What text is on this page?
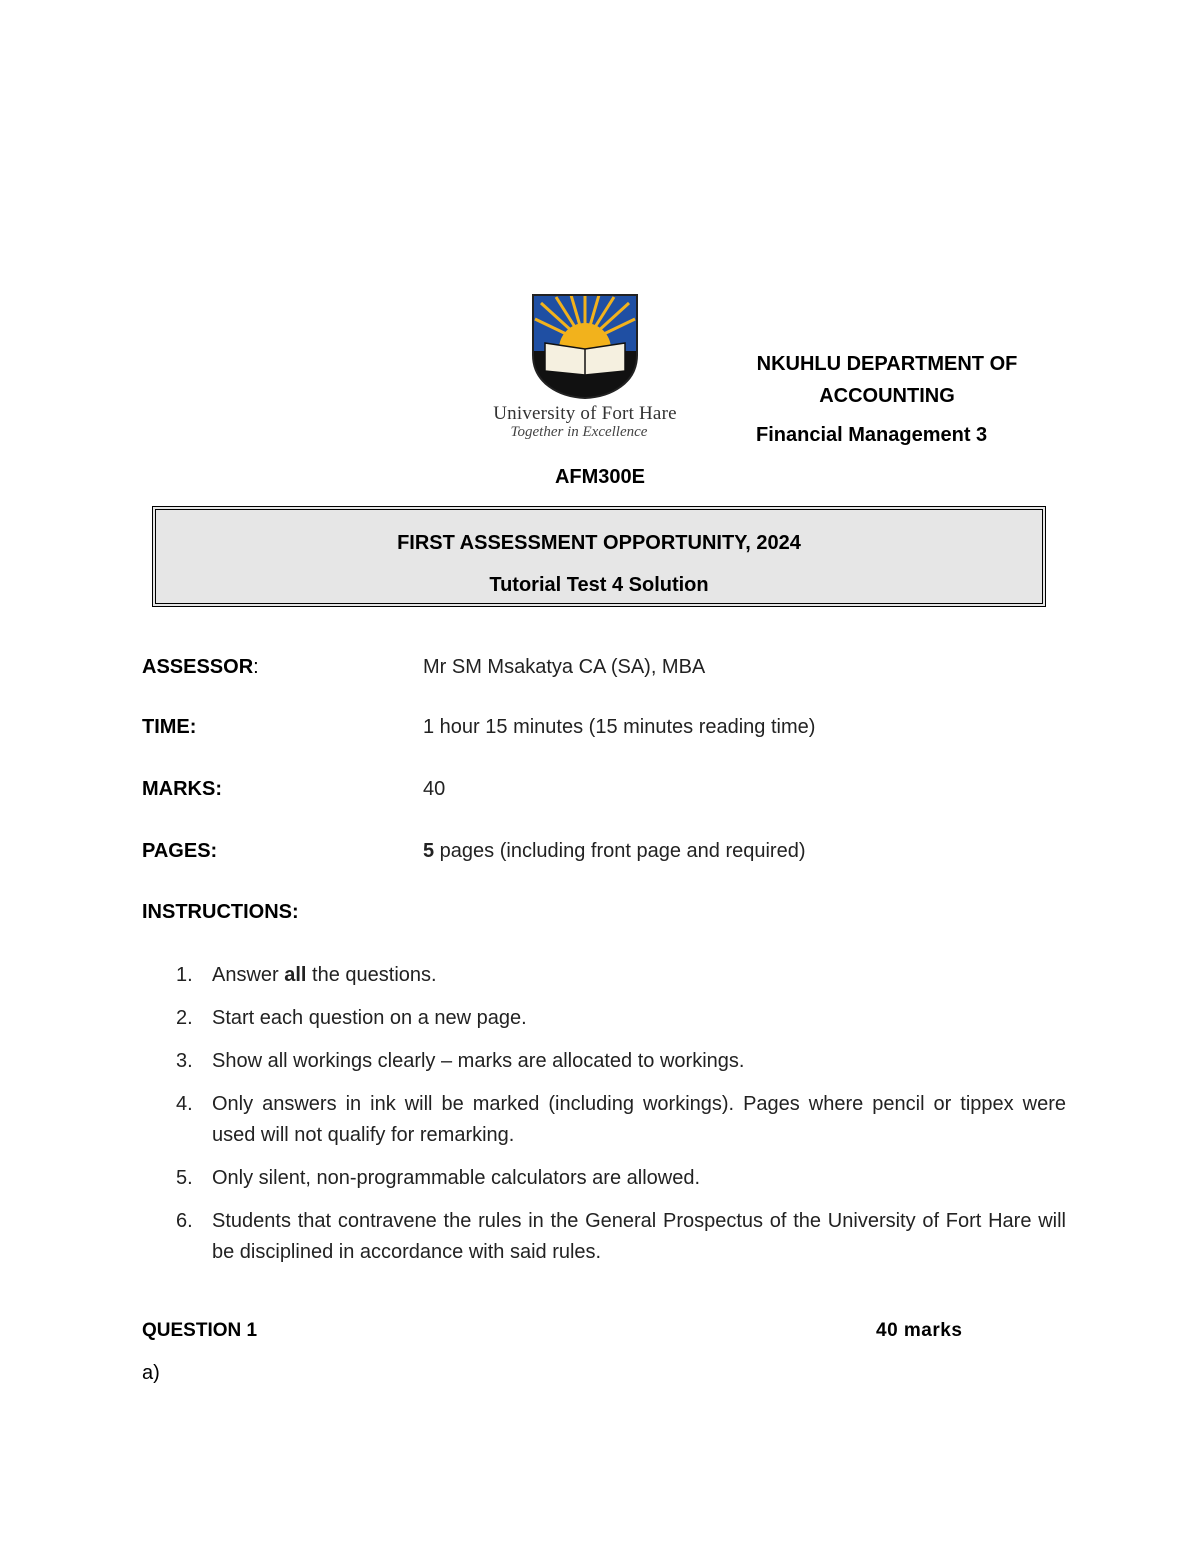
University of Fort Hare
Together in Excellence
NKUHLU DEPARTMENT OF
ACCOUNTING
Financial Management 3
AFM300E
FIRST ASSESSMENT OPPORTUNITY, 2024
Tutorial Test 4 Solution
ASSESSOR:	Mr SM Msakatya CA (SA), MBA
TIME:	1 hour 15 minutes (15 minutes reading time)
MARKS:	40
PAGES:	5 pages (including front page and required)
INSTRUCTIONS:
1. Answer all the questions.
2. Start each question on a new page.
3. Show all workings clearly – marks are allocated to workings.
4. Only answers in ink will be marked (including workings). Pages where pencil or tippex were used will not qualify for remarking.
5. Only silent, non-programmable calculators are allowed.
6. Students that contravene the rules in the General Prospectus of the University of Fort Hare will be disciplined in accordance with said rules.
QUESTION 1	40 marks
a)
